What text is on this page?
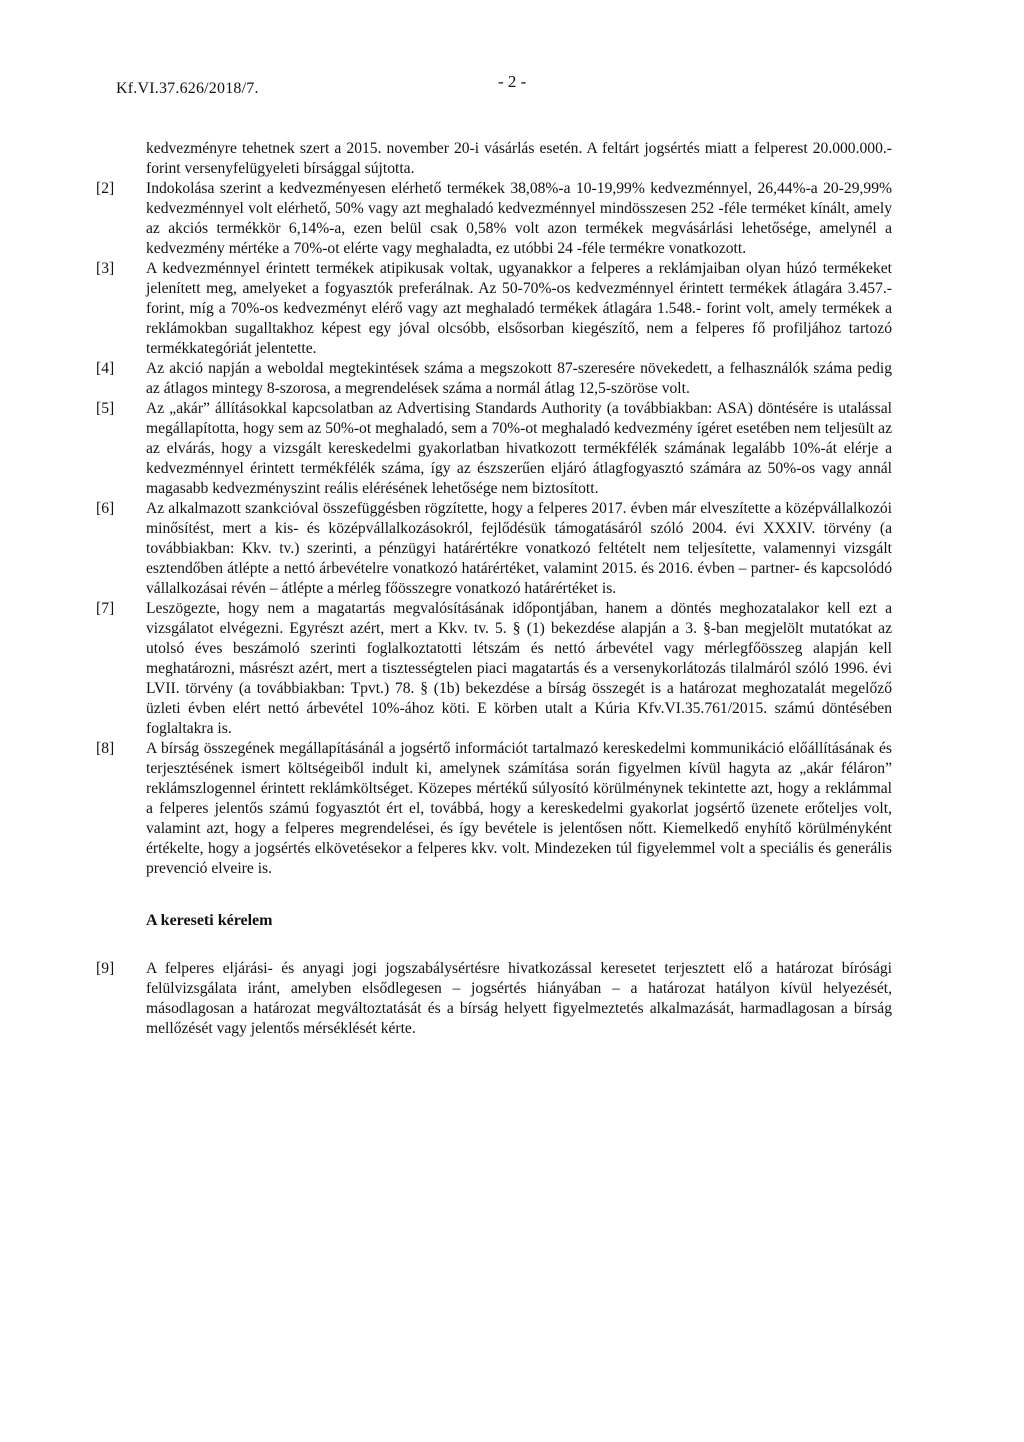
Kf.VI.37.626/2018/7.	- 2 -
kedvezményre tehetnek szert a 2015. november 20-i vásárlás esetén. A feltárt jogsértés miatt a felperest 20.000.000.- forint versenyfelügyeleti bírsággal sújtotta.
[2] Indokolása szerint a kedvezményesen elérhető termékek 38,08%-a 10-19,99% kedvezménnyel, 26,44%-a 20-29,99% kedvezménnyel volt elérhető, 50% vagy azt meghaladó kedvezménnyel mindösszesen 252 -féle terméket kínált, amely az akciós termékkör 6,14%-a, ezen belül csak 0,58% volt azon termékek megvásárlási lehetősége, amelynél a kedvezmény mértéke a 70%-ot elérte vagy meghaladta, ez utóbbi 24 -féle termékre vonatkozott.

[3] A kedvezménnyel érintett termékek atipikusak voltak, ugyanakkor a felperes a reklámjaiban olyan húzó termékeket jelenített meg, amelyeket a fogyasztók preferálnak. Az 50-70%-os kedvezménnyel érintett termékek átlagára 3.457.- forint, míg a 70%-os kedvezményt elérő vagy azt meghaladó termékek átlagára 1.548.- forint volt, amely termékek a reklámokban sugalltakhoz képest egy jóval olcsóbb, elsősorban kiegészítő, nem a felperes fő profiljához tartozó termékkategóriát jelentette.

[4] Az akció napján a weboldal megtekintések száma a megszokott 87-szeresére növekedett, a felhasználók száma pedig az átlagos mintegy 8-szorosa, a megrendelések száma a normál átlag 12,5-szöröse volt.

[5] Az „akár” állításokkal kapcsolatban az Advertising Standards Authority (a továbbiakban: ASA) döntésére is utalással megállapította, hogy sem az 50%-ot meghaladó, sem a 70%-ot meghaladó kedvezmény ígéret esetében nem teljesült az az elvárás, hogy a vizsgált kereskedelmi gyakorlatban hivatkozott termékfélék számának legalább 10%-át elérje a kedvezménnyel érintett termékfélék száma, így az észszerűen eljáró átlagfogyasztó számára az 50%-os vagy annál magasabb kedvezményszint reális elérésének lehetősége nem biztosított.

[6] Az alkalmazott szankcióval összefüggésben rögzítette, hogy a felperes 2017. évben már elveszítette a középvállalkozói minősítést, mert a kis- és középvállalkozásokról, fejlődésük támogatásáról szóló 2004. évi XXXIV. törvény (a továbbiakban: Kkv. tv.) szerinti, a pénzügyi határértékre vonatkozó feltételt nem teljesítette, valamennyi vizsgált esztendőben átlépte a nettó árbevételre vonatkozó határértéket, valamint 2015. és 2016. évben – partner- és kapcsolódó vállalkozásai révén – átlépte a mérleg főösszegre vonatkozó határértéket is.

[7] Leszögezte, hogy nem a magatartás megvalósításának időpontjában, hanem a döntés meghozatalakor kell ezt a vizsgálatot elvégezni. Egyrészt azért, mert a Kkv. tv. 5. § (1) bekezdése alapján a 3. §-ban megjelölt mutatókat az utolsó éves beszámoló szerinti foglalkoztatotti létszám és nettó árbevétel vagy mérlegfőösszeg alapján kell meghatározni, másrészt azért, mert a tisztességtelen piaci magatartás és a versenykorlátozás tilalmáról szóló 1996. évi LVII. törvény (a továbbiakban: Tpvt.) 78. § (1b) bekezdése a bírság összegét is a határozat meghozatalát megelőző üzleti évben elért nettó árbevétel 10%-ához köti. E körben utalt a Kúria Kfv.VI.35.761/2015. számú döntésében foglaltakra is.

[8] A bírság összegének megállapításánál a jogsértő információt tartalmazó kereskedelmi kommunikáció előállításának és terjesztésének ismert költségeiből indult ki, amelynek számítása során figyelmen kívül hagyta az „akár féláron” reklámszlogennel érintett reklámköltséget. Közepes mértékű súlyosító körülménynek tekintette azt, hogy a reklámmal a felperes jelentős számú fogyasztót ért el, továbbá, hogy a kereskedelmi gyakorlat jogsértő üzenete erőteljes volt, valamint azt, hogy a felperes megrendelései, és így bevétele is jelentősen nőtt. Kiemelkedő enyhítő körülményként értékelte, hogy a jogsértés elkövetésekor a felperes kkv. volt. Mindezeken túl figyelemmel volt a speciális és generális prevenció elveire is.

A kereseti kérelem
[9] A felperes eljárási- és anyagi jogi jogszabálysértésre hivatkozással keresetet terjesztett elő a határozat bírósági felülvizsgálata iránt, amelyben elsődlegesen – jogsértés hiányában – a határozat hatályon kívül helyezését, másodlagosan a határozat megváltoztatását és a bírság helyett figyelmeztetés alkalmazását, harmadlagosan a bírság mellőzését vagy jelentős mérséklését kérte.
